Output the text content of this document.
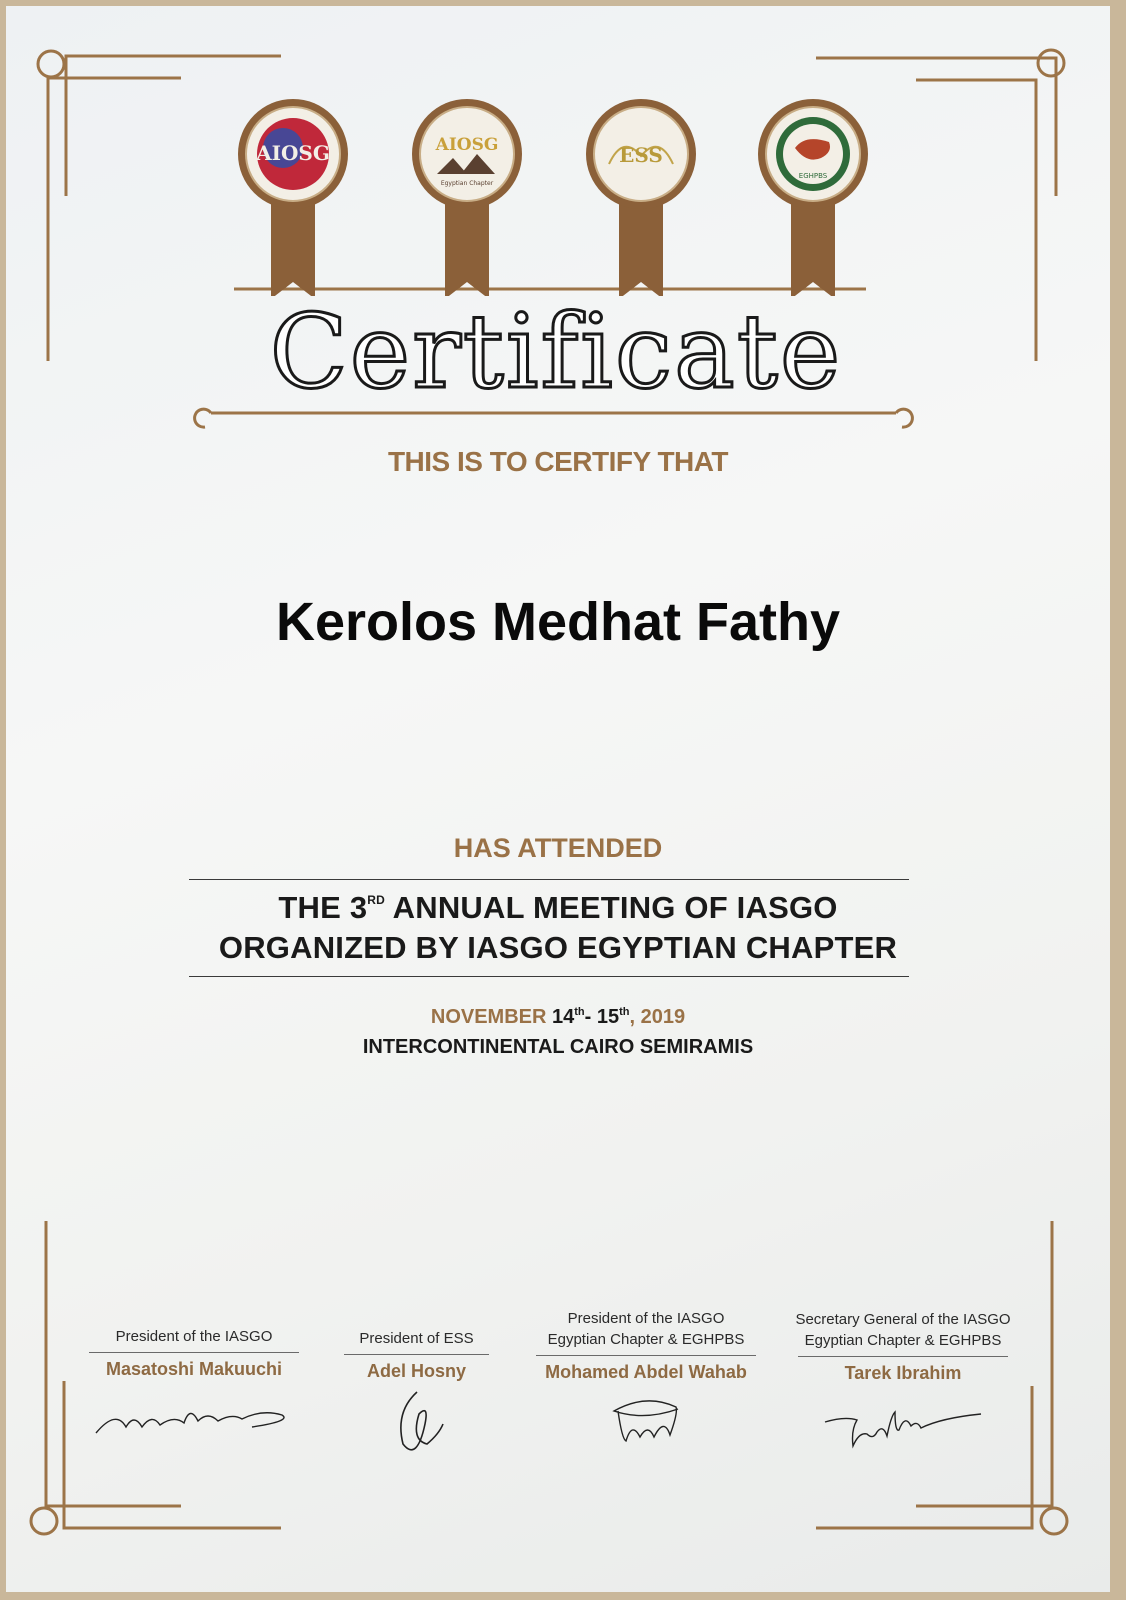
AIOSG	AIOSG
Egyptian Chapter
ESS
EGHPBS
Certificate
THIS IS TO CERTIFY THAT
Kerolos Medhat Fathy
HAS ATTENDED
THE 3RD ANNUAL MEETING OF IASGO
ORGANIZED BY IASGO EGYPTIAN CHAPTER
NOVEMBER 14th- 15th, 2019
INTERCONTINENTAL CAIRO SEMIRAMIS
President of the IASGO
Masatoshi Makuuchi
President of ESS
Adel Hosny
President of the IASGO
Egyptian Chapter & EGHPBS
Mohamed Abdel Wahab
Secretary General of the IASGO
Egyptian Chapter & EGHPBS
Tarek Ibrahim
